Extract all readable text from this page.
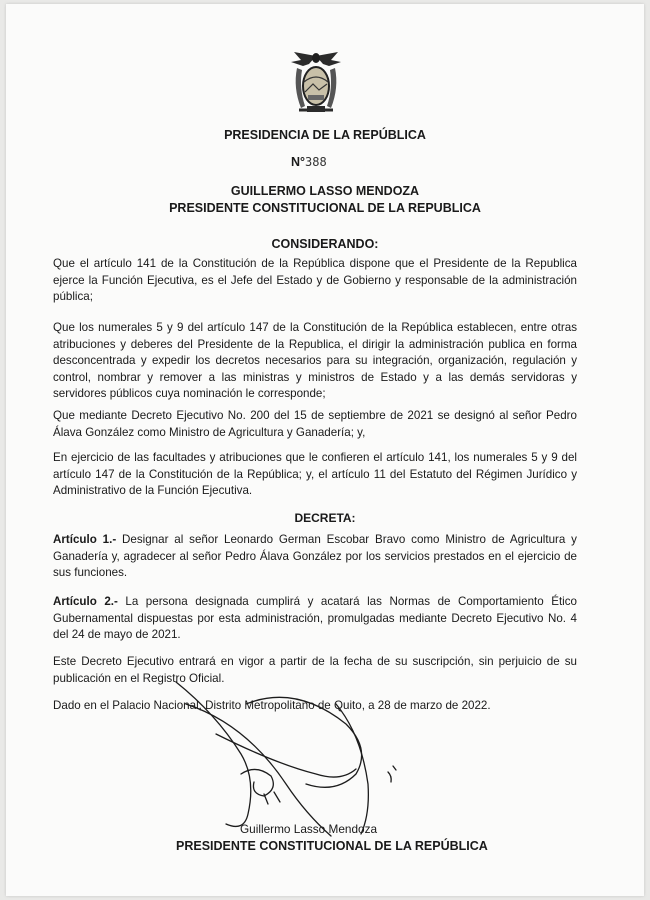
PRESIDENCIA DE LA REPÚBLICA
N°388
GUILLERMO LASSO MENDOZA
PRESIDENTE CONSTITUCIONAL DE LA REPUBLICA
CONSIDERANDO:
Que el artículo 141 de la Constitución de la República dispone que el Presidente de la Republica ejerce la Función Ejecutiva, es el Jefe del Estado y de Gobierno y responsable de la administración pública;
Que los numerales 5 y 9 del artículo 147 de la Constitución de la República establecen, entre otras atribuciones y deberes del Presidente de la Republica, el dirigir la administración publica en forma desconcentrada y expedir los decretos necesarios para su integración, organización, regulación y control, nombrar y remover a las ministras y ministros de Estado y a las demás servidoras y servidores públicos cuya nominación le corresponde;
Que mediante Decreto Ejecutivo No. 200 del 15 de septiembre de 2021 se designó al señor Pedro Álava González como Ministro de Agricultura y Ganadería; y,
En ejercicio de las facultades y atribuciones que le confieren el artículo 141, los numerales 5 y 9 del artículo 147 de la Constitución de la República; y, el artículo 11 del Estatuto del Régimen Jurídico y Administrativo de la Función Ejecutiva.
DECRETA:
Artículo 1.- Designar al señor Leonardo German Escobar Bravo como Ministro de Agricultura y Ganadería y, agradecer al señor Pedro Álava González por los servicios prestados en el ejercicio de sus funciones.
Artículo 2.- La persona designada cumplirá y acatará las Normas de Comportamiento Ético Gubernamental dispuestas por esta administración, promulgadas mediante Decreto Ejecutivo No. 4 del 24 de mayo de 2021.
Este Decreto Ejecutivo entrará en vigor a partir de la fecha de su suscripción, sin perjuicio de su publicación en el Registro Oficial.
Dado en el Palacio Nacional, Distrito Metropolitano de Quito, a 28 de marzo de 2022.
Guillermo Lasso Mendoza
PRESIDENTE CONSTITUCIONAL DE LA REPÚBLICA
